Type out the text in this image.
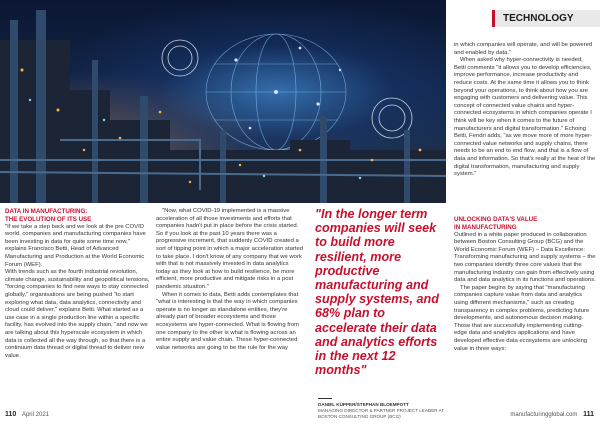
TECHNOLOGY

DATA IN MANUFACTURING:

THE EVOLUTION OF ITS USE

"If we take a step back and we look at the pre COVID world, companies and manufacturing companies have been investing in data for quite some time now," explains Francisco Betti, Head of Advanced Manufacturing and Production at the World Economic Forum (WEF).

With trends such as the fourth industrial revolution, climate change, sustainability and geopolitical tensions, "forcing companies to find new ways to stay connected globally," organisations are being pushed "to start exploring what data, data analytics, connectivity and cloud could deliver," explains Betti. What started as a use case in a single production line within a specific facility, has evolved into the supply chain, "and now we are talking about this hyperscale ecosystem in which data is collected all the way through, so that there is a continuum data thread or digital thread to deliver new value.

"Now, what COVID-19 implemented is a massive acceleration of all those investments and efforts that companies hadn't put in place before the crisis started. So if you look at the past 10 years there was a progressive increment, that suddenly COVID created a sort of tipping point in which a major acceleration started to take place. I don't know of any company that we work with that is not massively invested in data analytics today as they look at how to build resilience, be more efficient, more productive and mitigate risks in a post pandemic situation."

When it comes to data, Betti adds contemplates that "what is interesting is that the way in which companies operate is no longer as standalone entities, they're already part of broader ecosystems and those ecosystems are hyper-connected. What is flowing from one company to the other is what is flowing across an entire supply and value chain. These hyper-connected value networks are going to be the rule for the way

"In the longer term companies will seek to build more resilient, more productive manufacturing and supply systems, and 68% plan to accelerate their data and analytics efforts in the next 12 months"
DANIEL KÜPPER/STEPHAN BLOEMPOTT
MANAGING DIRECTOR & PARTNER PROJECT LEADER AT BOSTON CONSULTING GROUP (BCG)

in which companies will operate, and will be powered and enabled by data."

When asked why hyper-connectivity is needed, Betti comments "it allows you to develop efficiencies, improve performance, increase productivity and reduce costs. At the same time it allows you to think beyond your operations, to think about how you are engaging with customers and delivering value. This concept of connected value chains and hyper-connected ecosystems in which companies operate I think will be key when it comes to the future of manufacturers and digital transformation." Echoing Betti, Fendri adds, "as we move more of more hyper-connected value networks and supply chains, there needs to be an end to end flow, and that is a flow of data and information. So that's really at the heat of the digital transformation, manufacturing and supply system."

UNLOCKING DATA'S VALUE

IN MANUFACTURING

Outlined in a white paper produced in collaboration between Boston Consulting Group (BCG) and the World Economic Forum (WEF) – Data Excellence: Transforming manufacturing and supply systems – the two companies identify three core values that the manufacturing industry can gain from effectively using data and data analytics in its functions and operations.

The paper begins by saying that "manufacturing companies capture value from data and analytics using different mechanisms," such as creating transparency in complex problems, predicting future developments, and autonomous decision making. Those that are successfully implementing cutting-edge data and analytics applications and have developed effective data ecosystems are unlocking value in three ways:

110 April 2021	manufacturingglobal.com 111
